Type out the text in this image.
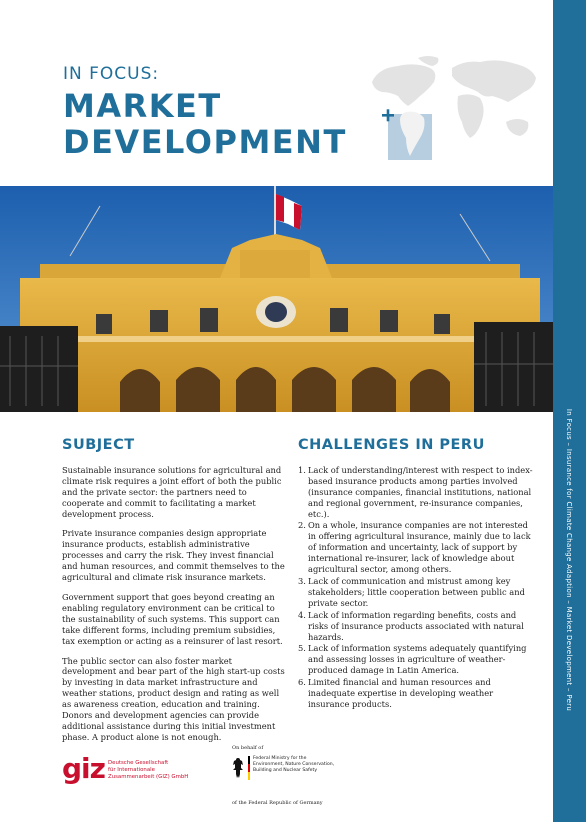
In Focus – Insurance for Climate Change Adaption – Market Development – Peru
IN FOCUS:
MARKET
DEVELOPMENT
SUBJECT

Sustainable insurance solutions for agricultural and climate risk requires a joint effort of both the public and the private sector: the partners need to cooperate and commit to facilitating a market development process.

Private insurance companies design appropriate insurance products, establish administrative processes and carry the risk. They invest financial and human resources, and commit themselves to the agricultural and climate risk insurance markets.

Government support that goes beyond creating an enabling regulatory environment can be critical to the sustainability of such systems. This support can take different forms, including premium subsidies, tax exemption or acting as a reinsurer of last resort.

The public sector can also foster market development and bear part of the high start-up costs by investing in data market infrastructure and weather stations, product design and rating as well as awareness creation, education and training. Donors and development agencies can provide additional assistance during this initial investment phase. A product alone is not enough.

CHALLENGES IN PERU
1. Lack of understanding/interest with respect to index-based insurance products among parties involved (insurance companies, financial institutions, national and regional government, re-insurance companies, etc.).
2. On a whole, insurance companies are not interested in offering agricultural insurance, mainly due to lack of information and uncertainty, lack of support by international re-insurer, lack of knowledge about agricultural sector, among others.
3. Lack of communication and mistrust among key stakeholders; little cooperation between public and private sector.
4. Lack of information regarding benefits, costs and risks of insurance products associated with natural hazards.
5. Lack of information systems adequately quantifying and assessing losses in agriculture of weather-produced damage in Latin America.
6. Limited financial and human resources and inadequate expertise in developing weather insurance products.
giz Deutsche Gesellschaft
für Internationale
Zusammenarbeit (GIZ) GmbH
On behalf of
Federal Ministry for the
Environment, Nature Conservation,
Building and Nuclear Safety
of the Federal Republic of Germany
